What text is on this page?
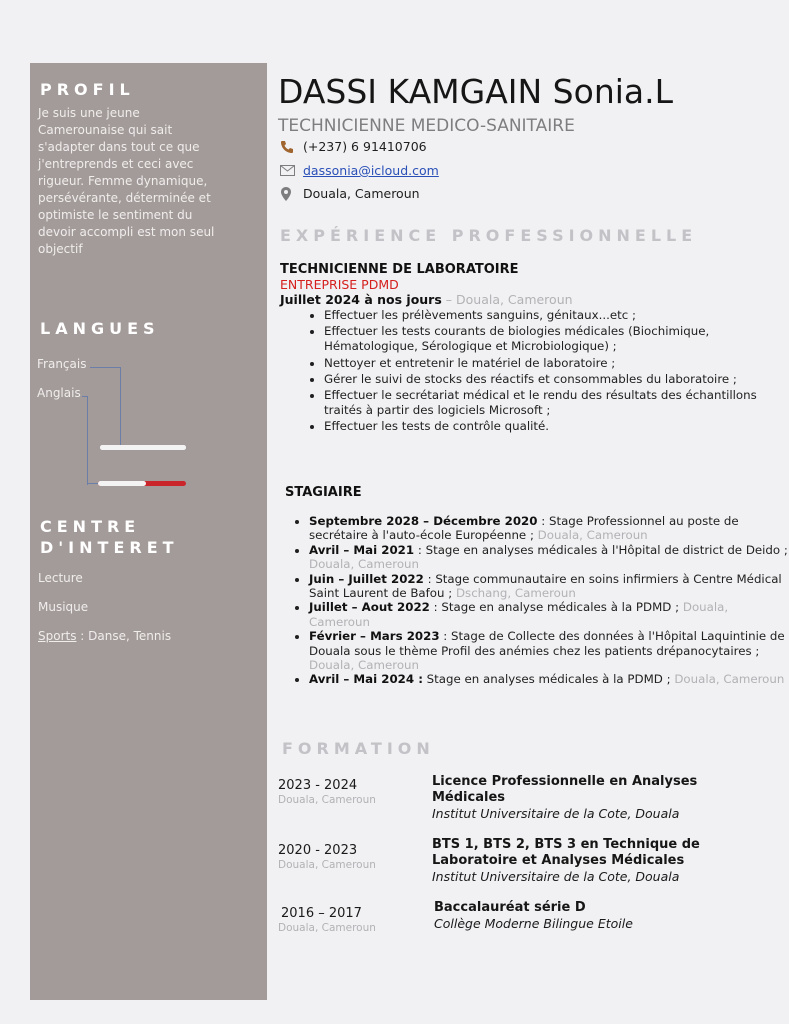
PROFIL
Je suis une jeune Camerounaise qui sait s'adapter dans tout ce que j'entreprends et ceci avec rigueur. Femme dynamique, persévérante, déterminée et optimiste le sentiment du devoir accompli est mon seul objectif
LANGUES
Français
Anglais
CENTRE
D'INTERET
Lecture
Musique
Sports : Danse, Tennis
DASSI KAMGAIN Sonia.L
TECHNICIENNE MEDICO-SANITAIRE
(+237) 6 91410706
dassonia@icloud.com
Douala, Cameroun
EXPÉRIENCE PROFESSIONNELLE
TECHNICIENNE DE LABORATOIRE
ENTREPRISE PDMD
Juillet 2024 à nos jours – Douala, Cameroun
• Effectuer les prélèvements sanguins, génitaux...etc ;
• Effectuer les tests courants de biologies médicales (Biochimique, Hématologique, Sérologique et Microbiologique) ;
• Nettoyer et entretenir le matériel de laboratoire ;
• Gérer le suivi de stocks des réactifs et consommables du laboratoire ;
• Effectuer le secrétariat médical et le rendu des résultats des échantillons traités à partir des logiciels Microsoft ;
• Effectuer les tests de contrôle qualité.
STAGIAIRE
• Septembre 2028 – Décembre 2020 : Stage Professionnel au poste de secrétaire à l'auto-école Européenne ; Douala, Cameroun
• Avril – Mai 2021 : Stage en analyses médicales à l'Hôpital de district de Deido ; Douala, Cameroun
• Juin – Juillet 2022 : Stage communautaire en soins infirmiers à Centre Médical Saint Laurent de Bafou ; Dschang, Cameroun
• Juillet – Aout 2022 : Stage en analyse médicales à la PDMD ; Douala, Cameroun
• Février – Mars 2023 : Stage de Collecte des données à l'Hôpital Laquintinie de Douala sous le thème Profil des anémies chez les patients drépanocytaires ; Douala, Cameroun
• Avril – Mai 2024 : Stage en analyses médicales à la PDMD ; Douala, Cameroun
FORMATION
2023 - 2024
Douala, Cameroun
Licence Professionnelle en Analyses Médicales
Institut Universitaire de la Cote, Douala
2020 - 2023
Douala, Cameroun
BTS 1, BTS 2, BTS 3 en Technique de Laboratoire et Analyses Médicales
Institut Universitaire de la Cote, Douala
2016 – 2017
Douala, Cameroun
Baccalauréat série D
Collège Moderne Bilingue Etoile
